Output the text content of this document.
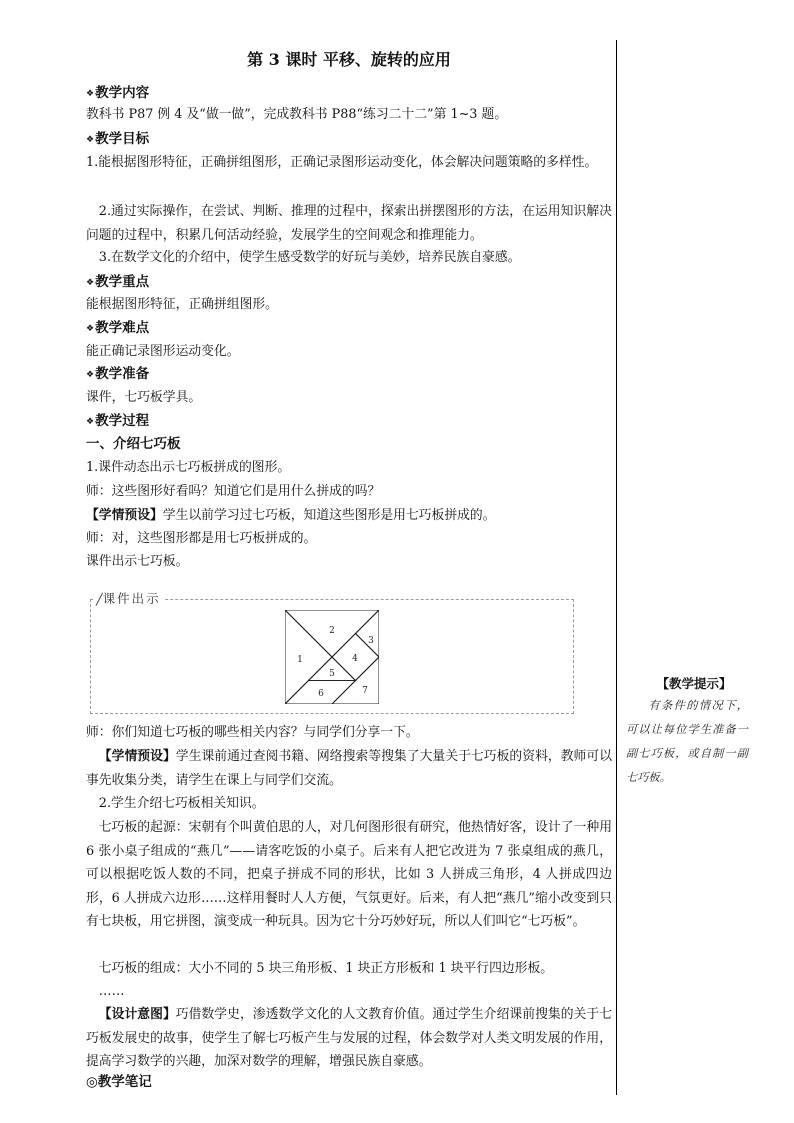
第 3 课时 平移、旋转的应用
❖教学内容
教科书 P87 例 4 及“做一做”，完成教科书 P88“练习二十二”第 1~3 题。
❖教学目标
1.能根据图形特征，正确拼组图形，正确记录图形运动变化，体会解决问题策略的多样性。
2.通过实际操作，在尝试、判断、推理的过程中，探索出拼摆图形的方法，在运用知识解决问题的过程中，积累几何活动经验，发展学生的空间观念和推理能力。
3.在数学文化的介绍中，使学生感受数学的好玩与美妙，培养民族自豪感。
❖教学重点
能根据图形特征，正确拼组图形。
❖教学难点
能正确记录图形运动变化。
❖教学准备
课件，七巧板学具。
❖教学过程
一、介绍七巧板
1.课件动态出示七巧板拼成的图形。
师：这些图形好看吗？知道它们是用什么拼成的吗？
【学情预设】学生以前学习过七巧板，知道这些图形是用七巧板拼成的。
师：对，这些图形都是用七巧板拼成的。
课件出示七巧板。
师：你们知道七巧板的哪些相关内容？与同学们分享一下。
【学情预设】学生课前通过查阅书籍、网络搜索等搜集了大量关于七巧板的资料，教师可以事先收集分类，请学生在课上与同学们交流。
2.学生介绍七巧板相关知识。
七巧板的起源：宋朝有个叫黄伯思的人，对几何图形很有研究，他热情好客，设计了一种用 6 张小桌子组成的“燕几”——请客吃饭的小桌子。后来有人把它改进为 7 张桌组成的燕几，可以根据吃饭人数的不同，把桌子拼成不同的形状，比如 3 人拼成三角形，4 人拼成四边形，6 人拼成六边形……这样用餐时人人方便，气氛更好。后来，有人把“燕几”缩小改变到只有七块板，用它拼图，演变成一种玩具。因为它十分巧妙好玩，所以人们叫它“七巧板”。
七巧板的组成：大小不同的 5 块三角形板、1 块正方形板和 1 块平行四边形板。
……
【设计意图】巧借数学史，渗透数学文化的人文教育价值。通过学生介绍课前搜集的关于七巧板发展史的故事，使学生了解七巧板产生与发展的过程，体会数学对人类文明发展的作用，提高学习数学的兴趣，加深对数学的理解，增强民族自豪感。
◎教学笔记
╱课件出示
1
2
3
4
5
6	7	【教学提示】
有条件的情况下，可以让每位学生准备一副七巧板，或自制一副七巧板。
